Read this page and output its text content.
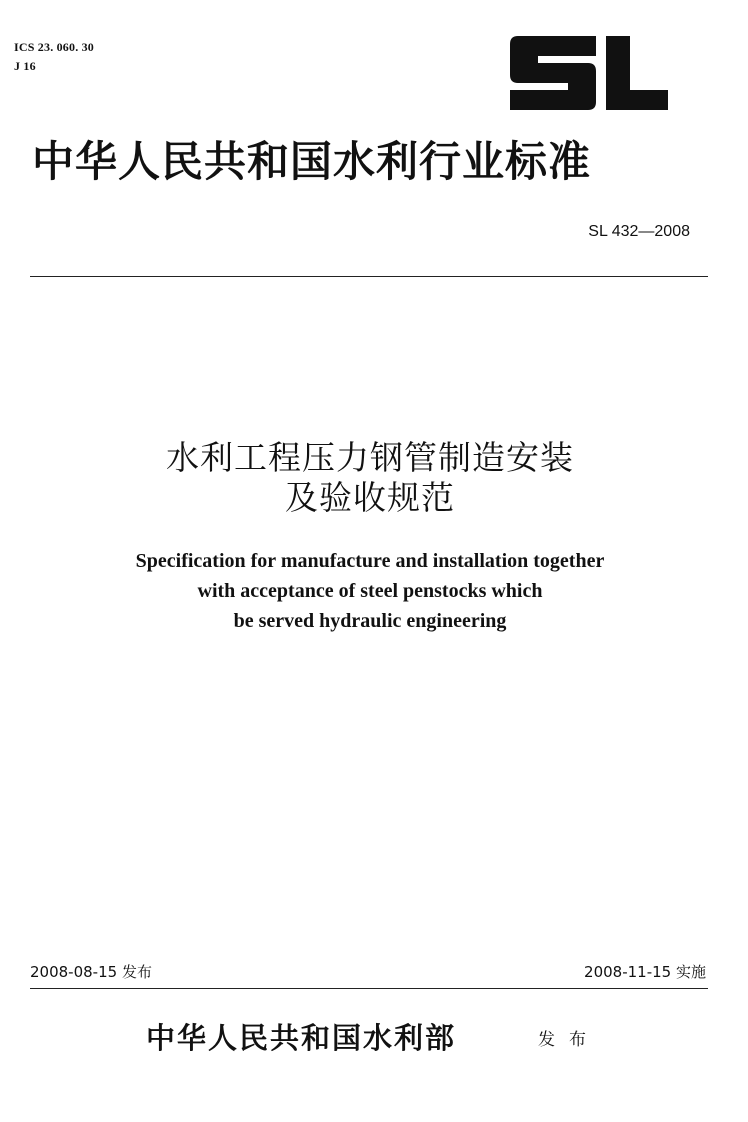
ICS 23. 060. 30
J 16
中华人民共和国水利行业标准
SL 432—2008
水利工程压力钢管制造安装
及验收规范
Specification for manufacture and installation together
with acceptance of steel penstocks which
be served hydraulic engineering
2008-08-15 发布	2008-11-15 实施
中华人民共和国水利部	发布
